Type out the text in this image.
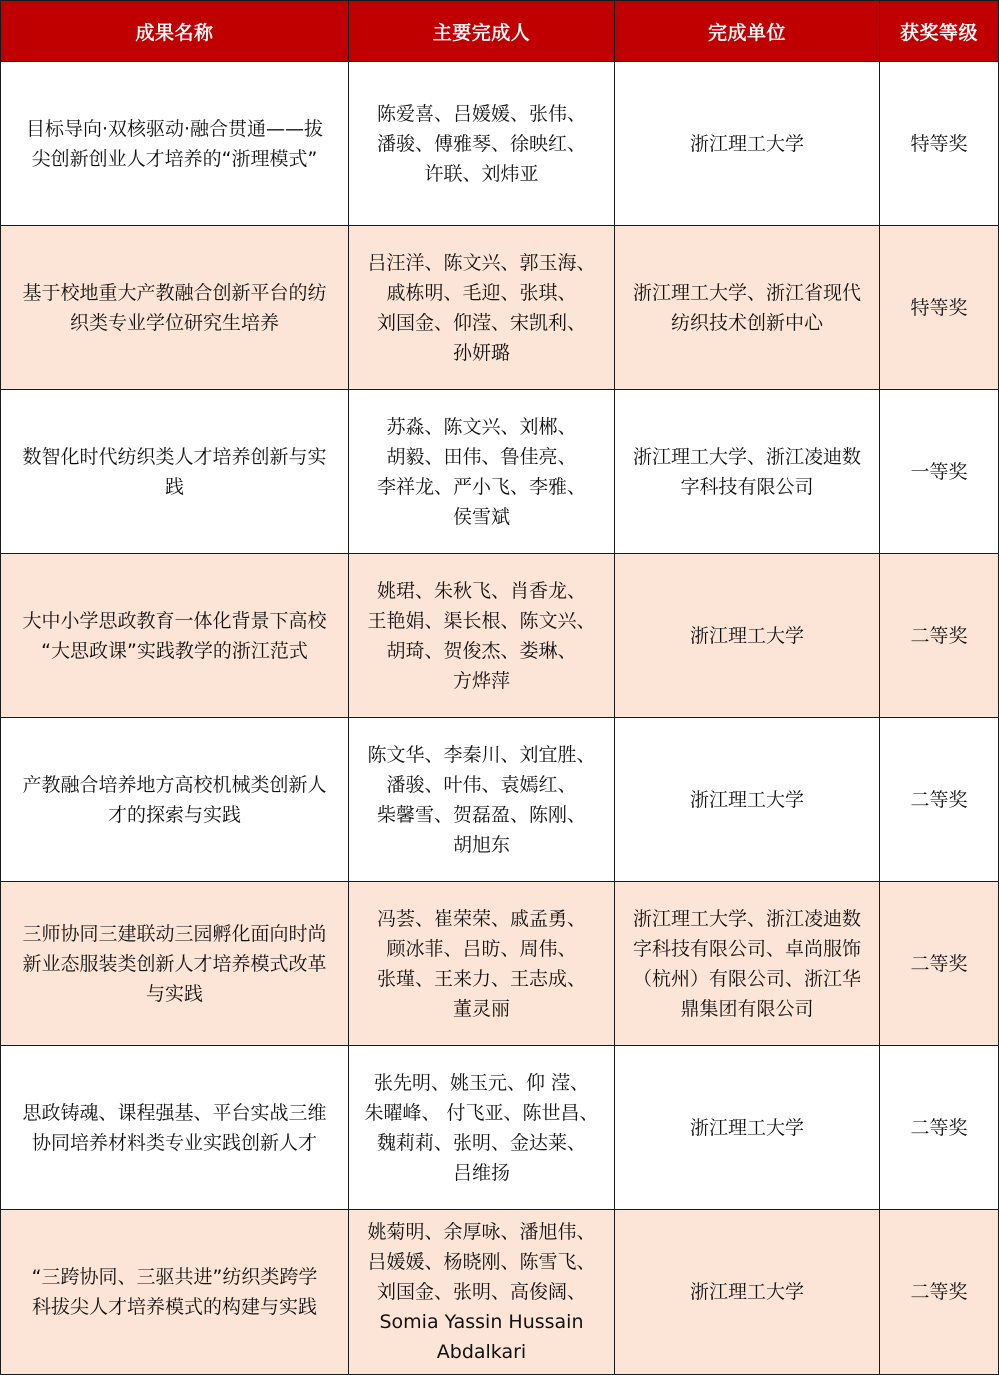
成果名称	主要完成人	完成单位	获奖等级

目标导向·双核驱动·融合贯通——拔
尖创新创业人才培养的“浙理模式”	陈爱喜、吕媛媛、张伟、
潘骏、傅雅琴、徐映红、
许联、刘炜亚	浙江理工大学	特等奖

基于校地重大产教融合创新平台的纺
织类专业学位研究生培养	吕汪洋、陈文兴、郭玉海、
戚栋明、毛迎、张琪、
刘国金、仰滢、宋凯利、
孙妍璐	浙江理工大学、浙江省现代
纺织技术创新中心	特等奖

数智化时代纺织类人才培养创新与实
践	苏淼、陈文兴、刘郴、
胡毅、田伟、鲁佳亮、
李祥龙、严小飞、李雅、
侯雪斌	浙江理工大学、浙江凌迪数
字科技有限公司	一等奖

大中小学思政教育一体化背景下高校
“大思政课”实践教学的浙江范式	姚珺、朱秋飞、肖香龙、
王艳娟、渠长根、陈文兴、
胡琦、贺俊杰、娄琳、
方烨萍	浙江理工大学	二等奖

产教融合培养地方高校机械类创新人
才的探索与实践	陈文华、李秦川、刘宜胜、
潘骏、叶伟、袁嫣红、
柴馨雪、贺磊盈、陈刚、
胡旭东	浙江理工大学	二等奖

三师协同三建联动三园孵化面向时尚
新业态服装类创新人才培养模式改革
与实践	冯荟、崔荣荣、戚孟勇、
顾冰菲、吕昉、周伟、
张瑾、王来力、王志成、
董灵丽	浙江理工大学、浙江凌迪数
字科技有限公司、卓尚服饰
（杭州）有限公司、浙江华
鼎集团有限公司	二等奖

思政铸魂、课程强基、平台实战三维
协同培养材料类专业实践创新人才	张先明、姚玉元、仰 滢、
朱曜峰、 付飞亚、陈世昌、
魏莉莉、张明、金达莱、
吕维扬	浙江理工大学	二等奖

“三跨协同、三驱共进”纺织类跨学
科拔尖人才培养模式的构建与实践	姚菊明、余厚咏、潘旭伟、
吕媛媛、杨晓刚、陈雪飞、
刘国金、张明、高俊阔、
Somia Yassin Hussain
Abdalkari	浙江理工大学	二等奖
